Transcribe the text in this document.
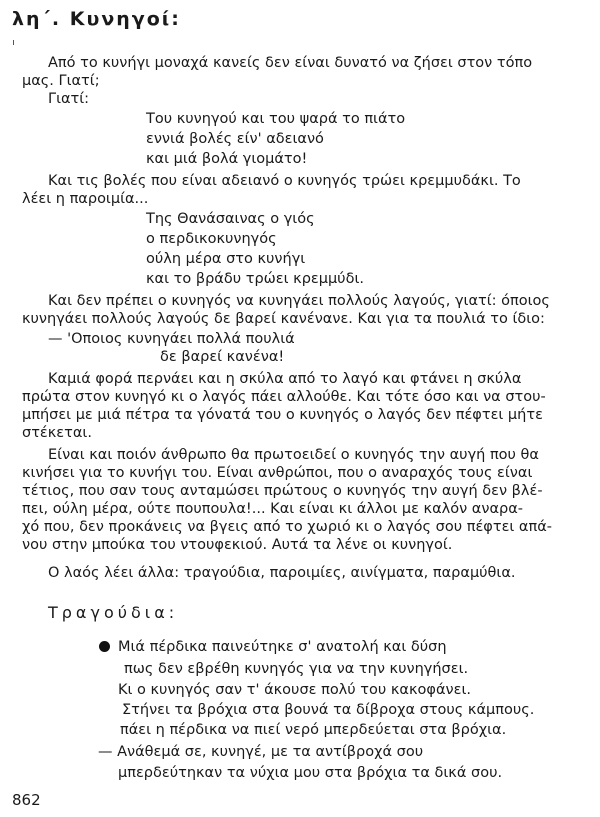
λη΄. Κυνηγοί:
Από το κυνήγι μοναχά κανείς δεν είναι δυνατό να ζήσει στον τόπο
μας. Γιατί;
Γιατί:
Του κυνηγού και του ψαρά το πιάτο
εννιά βολές είν' αδειανό
και μιά βολά γιομάτο!
Και τις βολές που είναι αδειανό ο κυνηγός τρώει κρεμμυδάκι. Το
λέει η παροιμία...
Της Θανάσαινας ο γιός
ο περδικοκυνηγός
ούλη μέρα στο κυνήγι
και το βράδυ τρώει κρεμμύδι.
Και δεν πρέπει ο κυνηγός να κυνηγάει πολλούς λαγούς, γιατί: όποιος
κυνηγάει πολλούς λαγούς δε βαρεί κανένανε. Και για τα πουλιά το ίδιο:
— 'Οποιος κυνηγάει πολλά πουλιά
δε βαρεί κανένα!
Καμιά φορά περνάει και η σκύλα από το λαγό και φτάνει η σκύλα
πρώτα στον κυνηγό κι ο λαγός πάει αλλούθε. Και τότε όσο και να στου-
μπήσει με μιά πέτρα τα γόνατά του ο κυνηγός ο λαγός δεν πέφτει μήτε
στέκεται.
Είναι και ποιόν άνθρωπο θα πρωτοειδεί ο κυνηγός την αυγή που θα
κινήσει για το κυνήγι του. Είναι ανθρώποι, που ο αναραχός τους είναι
τέτιος, που σαν τους ανταμώσει πρώτους ο κυνηγός την αυγή δεν βλέ-
πει, ούλη μέρα, ούτε πουπουλα!... Και είναι κι άλλοι με καλόν αναρα-
χό που, δεν προκάνεις να βγεις από το χωριό κι ο λαγός σου πέφτει απά-
νου στην μπούκα του ντουφεκιού. Αυτά τα λένε οι κυνηγοί.
Ο λαός λέει άλλα: τραγούδια, παροιμίες, αινίγματα, παραμύθια.
Τραγούδια:
Μιά πέρδικα παινεύτηκε σ' ανατολή και δύση
πως δεν εβρέθη κυνηγός για να την κυνηγήσει.
Κι ο κυνηγός σαν τ' άκουσε πολύ του κακοφάνει.
Στήνει τα βρόχια στα βουνά τα δίβροχα στους κάμπους.
πάει η πέρδικα να πιεί νερό μπερδεύεται στα βρόχια.
— Ανάθεμά σε, κυνηγέ, με τα αντίβροχά σου
μπερδεύτηκαν τα νύχια μου στα βρόχια τα δικά σου.
862
